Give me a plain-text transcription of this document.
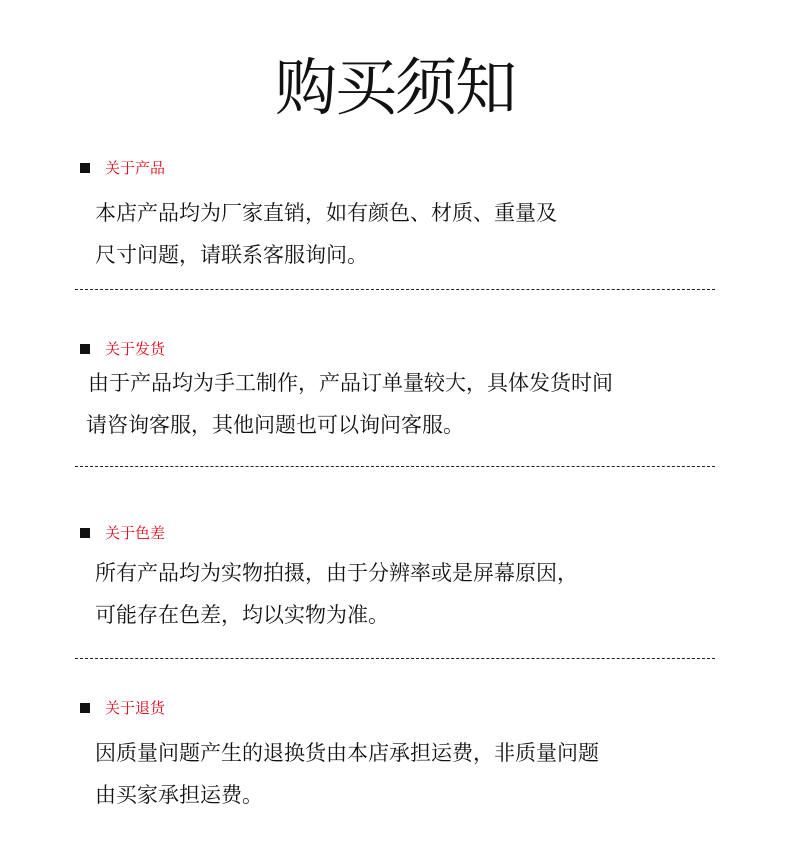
购买须知
关于产品
本店产品均为厂家直销，如有颜色、材质、重量及
尺寸问题，请联系客服询问。
关于发货
由于产品均为手工制作，产品订单量较大，具体发货时间
请咨询客服，其他问题也可以询问客服。
关于色差
所有产品均为实物拍摄，由于分辨率或是屏幕原因，
可能存在色差，均以实物为准。
关于退货
因质量问题产生的退换货由本店承担运费，非质量问题
由买家承担运费。
